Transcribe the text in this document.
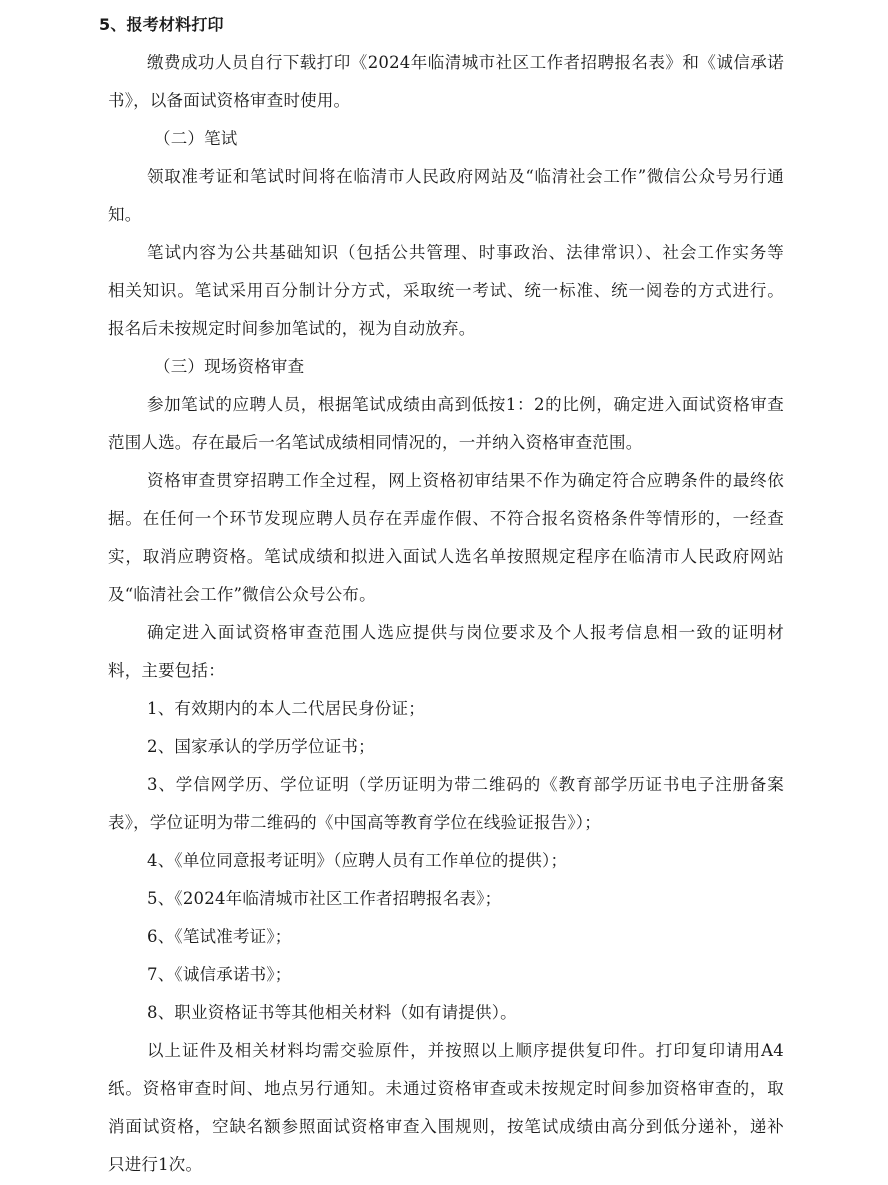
5、报考材料打印
缴费成功人员自行下载打印《2024年临清城市社区工作者招聘报名表》和《诚信承诺
书》，以备面试资格审查时使用。
（二）笔试
领取准考证和笔试时间将在临清市人民政府网站及“临清社会工作”微信公众号另行通
知。
笔试内容为公共基础知识（包括公共管理、时事政治、法律常识）、社会工作实务等
相关知识。笔试采用百分制计分方式，采取统一考试、统一标准、统一阅卷的方式进行。
报名后未按规定时间参加笔试的，视为自动放弃。
（三）现场资格审查
参加笔试的应聘人员，根据笔试成绩由高到低按1：2的比例，确定进入面试资格审查
范围人选。存在最后一名笔试成绩相同情况的，一并纳入资格审查范围。
资格审查贯穿招聘工作全过程，网上资格初审结果不作为确定符合应聘条件的最终依
据。在任何一个环节发现应聘人员存在弄虚作假、不符合报名资格条件等情形的，一经查
实，取消应聘资格。笔试成绩和拟进入面试人选名单按照规定程序在临清市人民政府网站
及“临清社会工作”微信公众号公布。
确定进入面试资格审查范围人选应提供与岗位要求及个人报考信息相一致的证明材
料，主要包括：
1、有效期内的本人二代居民身份证；
2、国家承认的学历学位证书；
3、学信网学历、学位证明（学历证明为带二维码的《教育部学历证书电子注册备案
表》，学位证明为带二维码的《中国高等教育学位在线验证报告》）；
4、《单位同意报考证明》（应聘人员有工作单位的提供）；
5、《2024年临清城市社区工作者招聘报名表》；
6、《笔试准考证》；
7、《诚信承诺书》；
8、职业资格证书等其他相关材料（如有请提供）。
以上证件及相关材料均需交验原件，并按照以上顺序提供复印件。打印复印请用A4
纸。资格审查时间、地点另行通知。未通过资格审查或未按规定时间参加资格审查的，取
消面试资格，空缺名额参照面试资格审查入围规则，按笔试成绩由高分到低分递补，递补
只进行1次。
